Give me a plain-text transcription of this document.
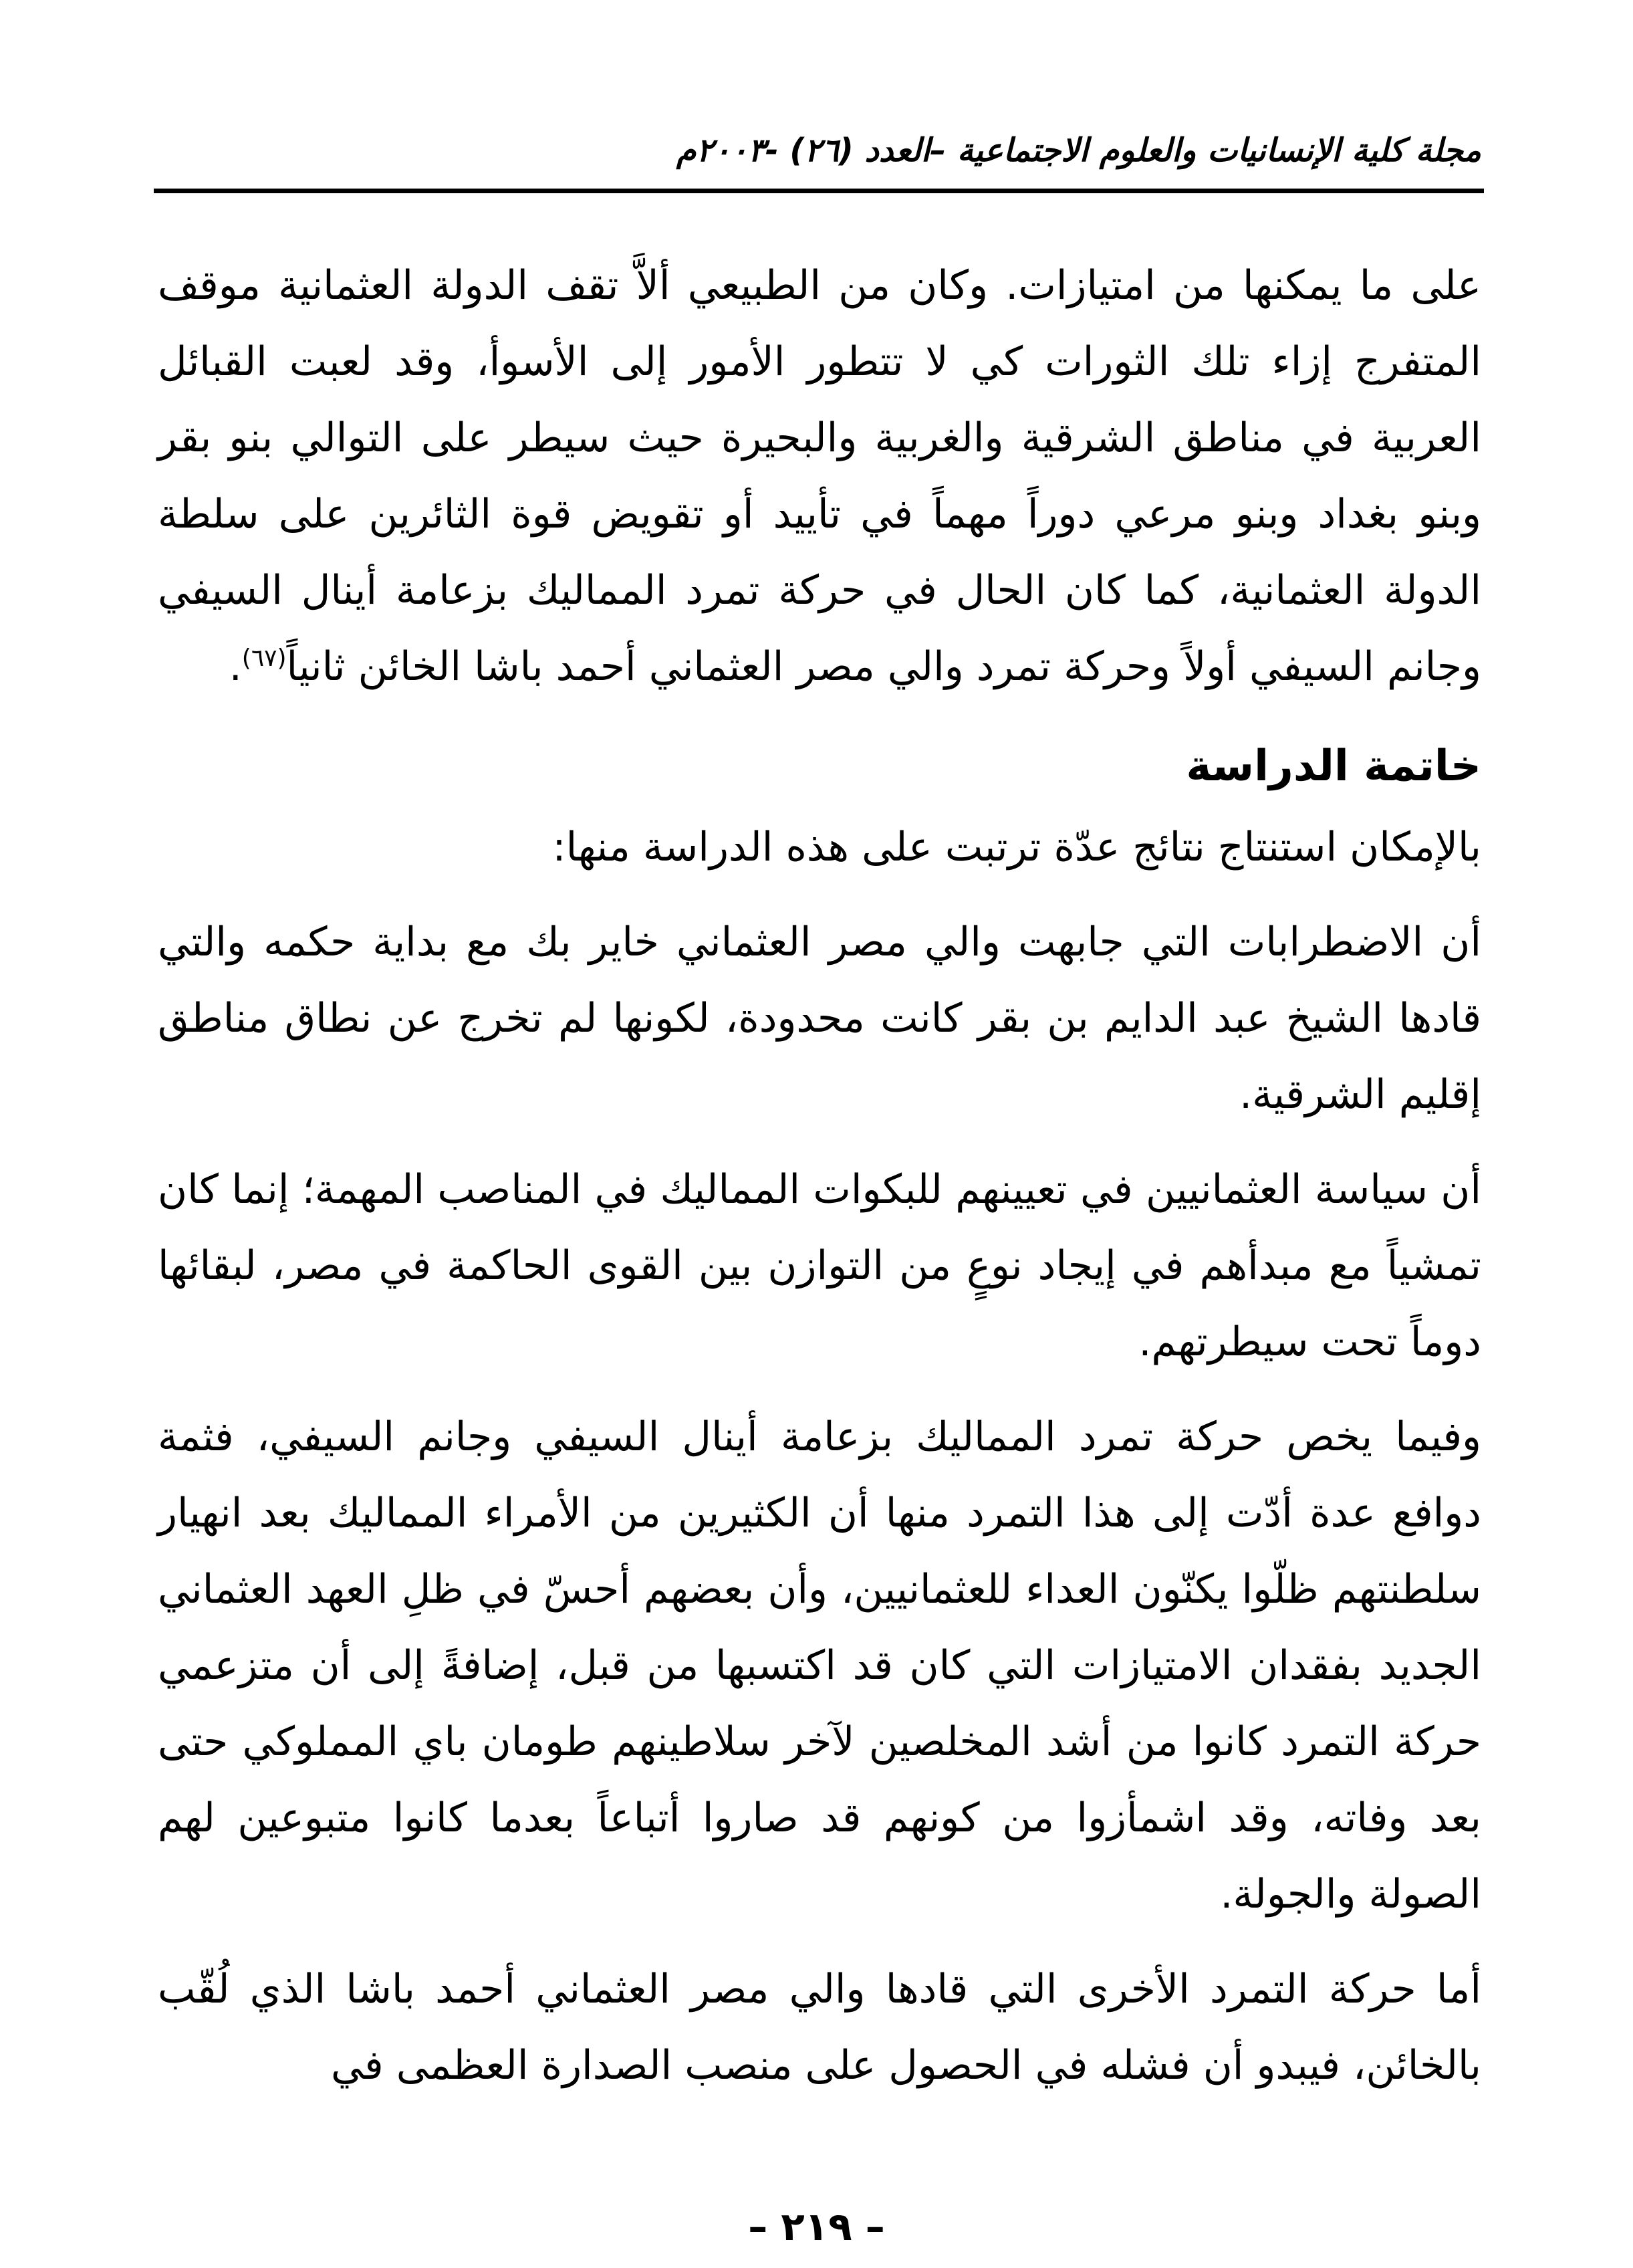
مجلة كلية الإنسانيات والعلوم الاجتماعية –العدد (٢٦) -٢٠٠٣م

على ما يمكنها من امتيازات. وكان من الطبيعي ألاَّ تقف الدولة العثمانية موقف المتفرج إزاء تلك الثورات كي لا تتطور الأمور إلى الأسوأ، وقد لعبت القبائل العربية في مناطق الشرقية والغربية والبحيرة حيث سيطر على التوالي بنو بقر وبنو بغداد وبنو مرعي دوراً مهماً في تأييد أو تقويض قوة الثائرين على سلطة الدولة العثمانية، كما كان الحال في حركة تمرد المماليك بزعامة أينال السيفي وجانم السيفي أولاً وحركة تمرد والي مصر العثماني أحمد باشا الخائن ثانياً$^{(٦٧)}$.

خاتمة الدراسة

بالإمكان استنتاج نتائج عدّة ترتبت على هذه الدراسة منها:

أن الاضطرابات التي جابهت والي مصر العثماني خاير بك مع بداية حكمه والتي قادها الشيخ عبد الدايم بن بقر كانت محدودة، لكونها لم تخرج عن نطاق مناطق إقليم الشرقية.

أن سياسة العثمانيين في تعيينهم للبكوات المماليك في المناصب المهمة؛ إنما كان تمشياً مع مبدأهم في إيجاد نوعٍ من التوازن بين القوى الحاكمة في مصر، لبقائها دوماً تحت سيطرتهم.

وفيما يخص حركة تمرد المماليك بزعامة أينال السيفي وجانم السيفي، فثمة دوافع عدة أدّت إلى هذا التمرد منها أن الكثيرين من الأمراء المماليك بعد انهيار سلطنتهم ظلّوا يكنّون العداء للعثمانيين، وأن بعضهم أحسّ في ظلِ العهد العثماني الجديد بفقدان الامتيازات التي كان قد اكتسبها من قبل، إضافةً إلى أن متزعمي حركة التمرد كانوا من أشد المخلصين لآخر سلاطينهم طومان باي المملوكي حتى بعد وفاته، وقد اشمأزوا من كونهم قد صاروا أتباعاً بعدما كانوا متبوعين لهم الصولة والجولة.

أما حركة التمرد الأخرى التي قادها والي مصر العثماني أحمد باشا الذي لُقّب بالخائن، فيبدو أن فشله في الحصول على منصب الصدارة العظمى في

– ٢١٩ –
